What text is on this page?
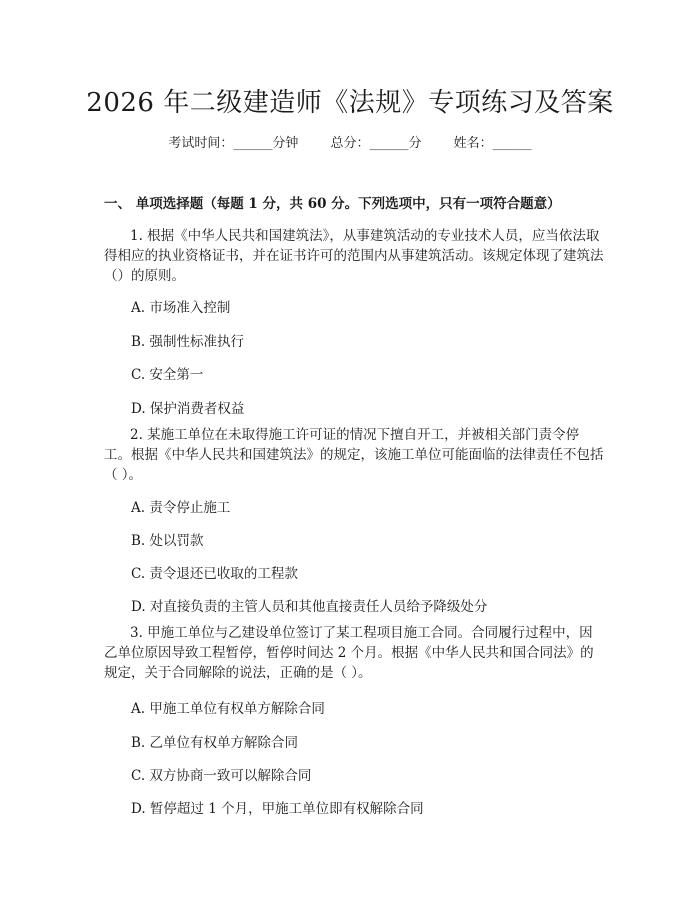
2026 年二级建造师《法规》专项练习及答案
考试时间：______分钟 总分：______分 姓名：______
一、 单项选择题（每题 1 分，共 60 分。下列选项中，只有一项符合题意）
1. 根据《中华人民共和国建筑法》，从事建筑活动的专业技术人员，应当依法取得相应的执业资格证书，并在证书许可的范围内从事建筑活动。该规定体现了建筑法（）的原则。
A. 市场准入控制
B. 强制性标准执行
C. 安全第一
D. 保护消费者权益
2. 某施工单位在未取得施工许可证的情况下擅自开工，并被相关部门责令停工。根据《中华人民共和国建筑法》的规定，该施工单位可能面临的法律责任不包括（ ）。
A. 责令停止施工
B. 处以罚款
C. 责令退还已收取的工程款
D. 对直接负责的主管人员和其他直接责任人员给予降级处分
3. 甲施工单位与乙建设单位签订了某工程项目施工合同。合同履行过程中，因乙单位原因导致工程暂停，暂停时间达 2 个月。根据《中华人民共和国合同法》的规定，关于合同解除的说法，正确的是（ ）。
A. 甲施工单位有权单方解除合同
B. 乙单位有权单方解除合同
C. 双方协商一致可以解除合同
D. 暂停超过 1 个月，甲施工单位即有权解除合同
